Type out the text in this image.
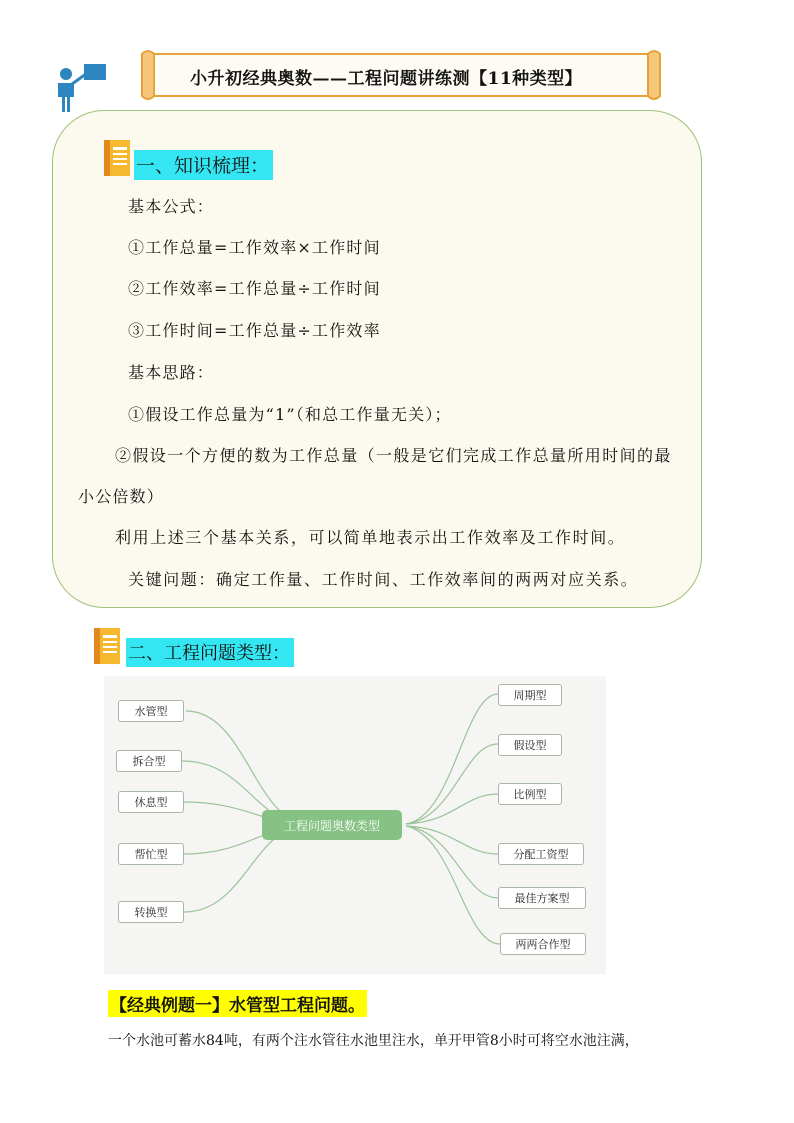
小升初经典奥数——工程问题讲练测【11种类型】
一、知识梳理：
基本公式：
①工作总量=工作效率×工作时间
②工作效率=工作总量÷工作时间
③工作时间=工作总量÷工作效率
基本思路：
①假设工作总量为“1”（和总工作量无关）；
②假设一个方便的数为工作总量（一般是它们完成工作总量所用时间的最
小公倍数）
利用上述三个基本关系，可以简单地表示出工作效率及工作时间。
关键问题：确定工作量、工作时间、工作效率间的两两对应关系。
二、工程问题类型：
工程问题奥数类型
水管型
拆合型
休息型
帮忙型
转换型
周期型
假设型
比例型
分配工资型
最佳方案型
两两合作型
【经典例题一】水管型工程问题。
一个水池可蓄水84吨，有两个注水管往水池里注水，单开甲管8小时可将空水池注满，
